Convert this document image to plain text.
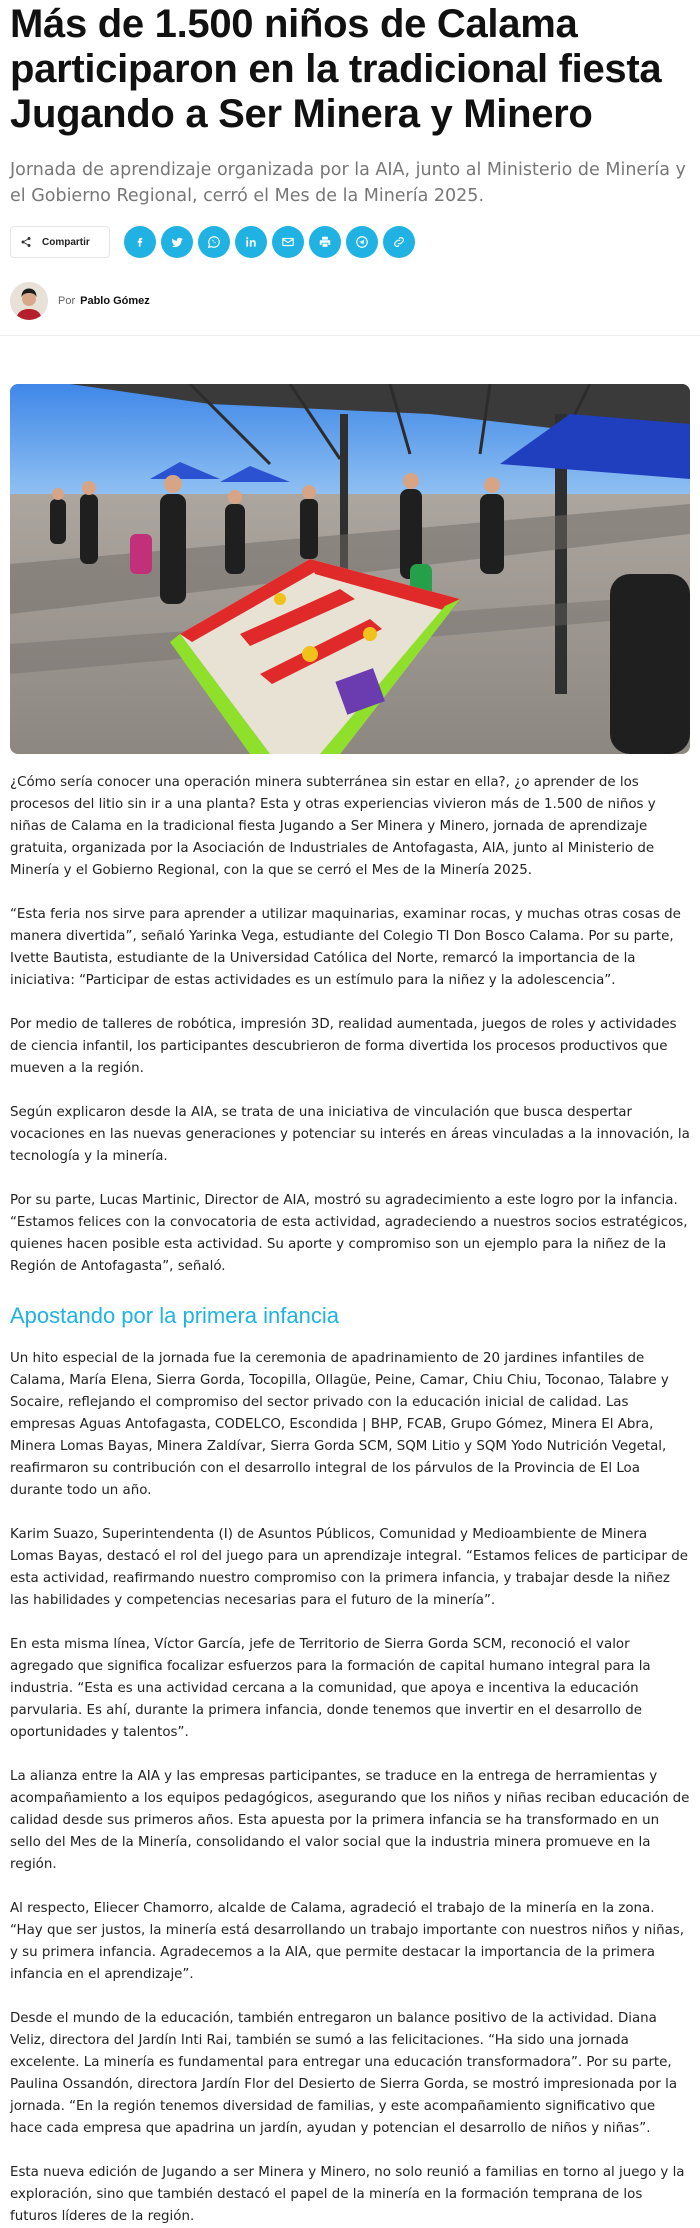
Más de 1.500 niños de Calama participaron en la tradicional fiesta Jugando a Ser Minera y Minero

Jornada de aprendizaje organizada por la AIA, junto al Ministerio de Minería y el Gobierno Regional, cerró el Mes de la Minería 2025.

Compartir
Por Pablo Gómez

¿Cómo sería conocer una operación minera subterránea sin estar en ella?, ¿o aprender de los procesos del litio sin ir a una planta? Esta y otras experiencias vivieron más de 1.500 de niños y niñas de Calama en la tradicional fiesta Jugando a Ser Minera y Minero, jornada de aprendizaje gratuita, organizada por la Asociación de Industriales de Antofagasta, AIA, junto al Ministerio de Minería y el Gobierno Regional, con la que se cerró el Mes de la Minería 2025.

“Esta feria nos sirve para aprender a utilizar maquinarias, examinar rocas, y muchas otras cosas de manera divertida”, señaló Yarinka Vega, estudiante del Colegio TI Don Bosco Calama. Por su parte, Ivette Bautista, estudiante de la Universidad Católica del Norte, remarcó la importancia de la iniciativa: “Participar de estas actividades es un estímulo para la niñez y la adolescencia”.

Por medio de talleres de robótica, impresión 3D, realidad aumentada, juegos de roles y actividades de ciencia infantil, los participantes descubrieron de forma divertida los procesos productivos que mueven a la región.

Según explicaron desde la AIA, se trata de una iniciativa de vinculación que busca despertar vocaciones en las nuevas generaciones y potenciar su interés en áreas vinculadas a la innovación, la tecnología y la minería.

Por su parte, Lucas Martinic, Director de AIA, mostró su agradecimiento a este logro por la infancia. “Estamos felices con la convocatoria de esta actividad, agradeciendo a nuestros socios estratégicos, quienes hacen posible esta actividad. Su aporte y compromiso son un ejemplo para la niñez de la Región de Antofagasta”, señaló.

Apostando por la primera infancia

Un hito especial de la jornada fue la ceremonia de apadrinamiento de 20 jardines infantiles de Calama, María Elena, Sierra Gorda, Tocopilla, Ollagüe, Peine, Camar, Chiu Chiu, Toconao, Talabre y Socaire, reflejando el compromiso del sector privado con la educación inicial de calidad. Las empresas Aguas Antofagasta, CODELCO, Escondida | BHP, FCAB, Grupo Gómez, Minera El Abra, Minera Lomas Bayas, Minera Zaldívar, Sierra Gorda SCM, SQM Litio y SQM Yodo Nutrición Vegetal, reafirmaron su contribución con el desarrollo integral de los párvulos de la Provincia de El Loa durante todo un año.

Karim Suazo, Superintendenta (I) de Asuntos Públicos, Comunidad y Medioambiente de Minera Lomas Bayas, destacó el rol del juego para un aprendizaje integral. “Estamos felices de participar de esta actividad, reafirmando nuestro compromiso con la primera infancia, y trabajar desde la niñez las habilidades y competencias necesarias para el futuro de la minería”.

En esta misma línea, Víctor García, jefe de Territorio de Sierra Gorda SCM, reconoció el valor agregado que significa focalizar esfuerzos para la formación de capital humano integral para la industria. “Esta es una actividad cercana a la comunidad, que apoya e incentiva la educación parvularia. Es ahí, durante la primera infancia, donde tenemos que invertir en el desarrollo de oportunidades y talentos”.

La alianza entre la AIA y las empresas participantes, se traduce en la entrega de herramientas y acompañamiento a los equipos pedagógicos, asegurando que los niños y niñas reciban educación de calidad desde sus primeros años. Esta apuesta por la primera infancia se ha transformado en un sello del Mes de la Minería, consolidando el valor social que la industria minera promueve en la región.

Al respecto, Eliecer Chamorro, alcalde de Calama, agradeció el trabajo de la minería en la zona. “Hay que ser justos, la minería está desarrollando un trabajo importante con nuestros niños y niñas, y su primera infancia. Agradecemos a la AIA, que permite destacar la importancia de la primera infancia en el aprendizaje”.

Desde el mundo de la educación, también entregaron un balance positivo de la actividad. Diana Veliz, directora del Jardín Inti Rai, también se sumó a las felicitaciones. “Ha sido una jornada excelente. La minería es fundamental para entregar una educación transformadora”. Por su parte, Paulina Ossandón, directora Jardín Flor del Desierto de Sierra Gorda, se mostró impresionada por la jornada. “En la región tenemos diversidad de familias, y este acompañamiento significativo que hace cada empresa que apadrina un jardín, ayudan y potencian el desarrollo de niños y niñas”.

Esta nueva edición de Jugando a ser Minera y Minero, no solo reunió a familias en torno al juego y la exploración, sino que también destacó el papel de la minería en la formación temprana de los futuros líderes de la región.
